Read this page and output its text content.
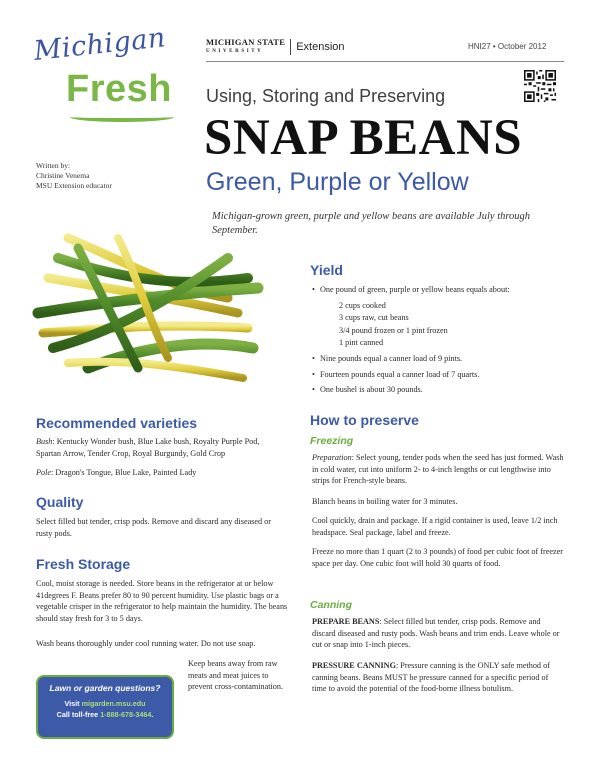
Michigan
Fresh
Written by:
Christine Venema
MSU Extension educator
MICHIGAN STATE
UNIVERSITY	Extension	HNI27 • October 2012
Using, Storing and Preserving
SNAP BEANS
Green, Purple or Yellow
Michigan-grown green, purple and yellow beans are available July through September.
Yield
• One pound of green, purple or yellow beans equals about:
2 cups cooked
3 cups raw, cut beans
3/4 pound frozen or 1 pint frozen
1 pint canned
• Nine pounds equal a canner load of 9 pints.
• Fourteen pounds equal a canner load of 7 quarts.
• One bushel is about 30 pounds.
Recommended varieties
Bush: Kentucky Wonder bush, Blue Lake bush, Royalty Purple Pod, Spartan Arrow, Tender Crop, Royal Burgundy, Gold Crop
Pole: Dragon's Tongue, Blue Lake, Painted Lady
Quality
Select filled but tender, crisp pods. Remove and discard any diseased or rusty pods.
Fresh Storage
Cool, moist storage is needed. Store beans in the refrigerator at or below 41degrees F. Beans prefer 80 to 90 percent humidity. Use plastic bags or a vegetable crisper in the refrigerator to help maintain the humidity. The beans should stay fresh for 3 to 5 days.
Wash beans thoroughly under cool running water. Do not use soap.
Keep beans away from raw meats and meat juices to prevent cross-contamination.
Lawn or garden questions?
Visit migarden.msu.edu
Call toll-free 1-888-678-3464.
How to preserve
Freezing
Preparation: Select young, tender pods when the seed has just formed. Wash in cold water, cut into uniform 2- to 4-inch lengths or cut lengthwise into strips for French-style beans.
Blanch beans in boiling water for 3 minutes.
Cool quickly, drain and package. If a rigid container is used, leave 1/2 inch headspace. Seal package, label and freeze.
Freeze no more than 1 quart (2 to 3 pounds) of food per cubic foot of freezer space per day. One cubic foot will hold 30 quarts of food.
Canning
PREPARE BEANS: Select filled but tender, crisp pods. Remove and discard diseased and rusty pods. Wash beans and trim ends. Leave whole or cut or snap into 1-inch pieces.
PRESSURE CANNING: Pressure canning is the ONLY safe method of canning beans. Beans MUST be pressure canned for a specific period of time to avoid the potential of the food-borne illness botulism.
